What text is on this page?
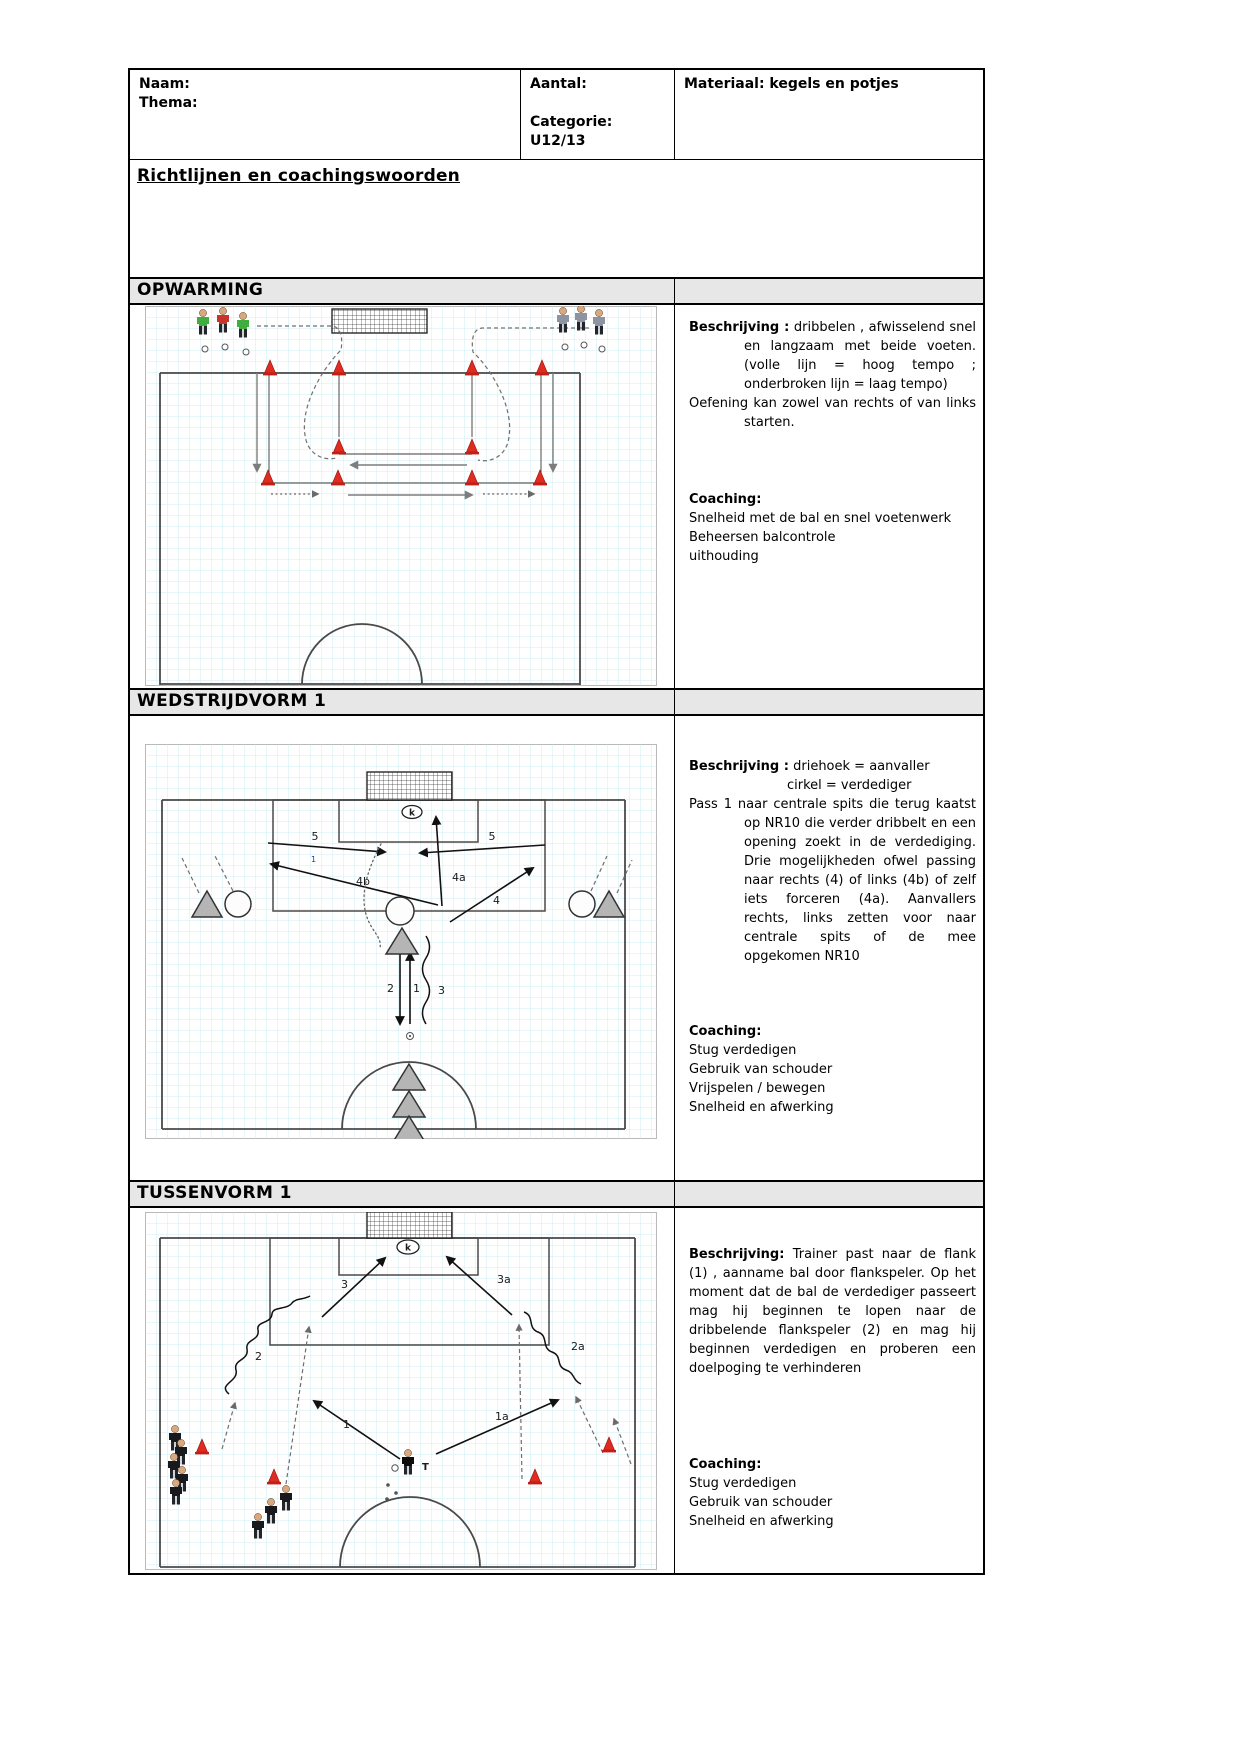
Naam:
Thema:
Aantal:
Categorie:
U12/13
Materiaal: kegels en potjes
Richtlijnen en coachingswoorden
OPWARMING

Beschrijving : dribbelen , afwisselend snel en langzaam met beide voeten. (volle lijn = hoog tempo ; onderbroken lijn = laag tempo)

Oefening kan zowel van rechts of van links starten.

Coaching:
Snelheid met de bal en snel voetenwerk
Beheersen balcontrole
uithouding
WEDSTRIJDVORM 1
k
5	5
4a
4b
4
1
2	3
1

Beschrijving : driehoek = aanvaller

cirkel = verdediger

Pass 1 naar centrale spits die terug kaatst op NR10 die verder dribbelt en een opening zoekt in de verdediging. Drie mogelijkheden ofwel passing naar rechts (4) of links (4b) of zelf iets forceren (4a). Aanvallers rechts, links zetten voor naar centrale spits of de mee opgekomen NR10

Coaching:
Stug verdedigen
Gebruik van schouder
Vrijspelen / bewegen
Snelheid en afwerking
TUSSENVORM 1
k
3	3a
2
2a
1
1a
T

Beschrijving: Trainer past naar de flank (1) , aanname bal door flankspeler. Op het moment dat de bal de verdediger passeert mag hij beginnen te lopen naar de dribbelende flankspeler (2) en mag hij beginnen verdedigen en proberen een doelpoging te verhinderen

Coaching:
Stug verdedigen
Gebruik van schouder
Snelheid en afwerking
